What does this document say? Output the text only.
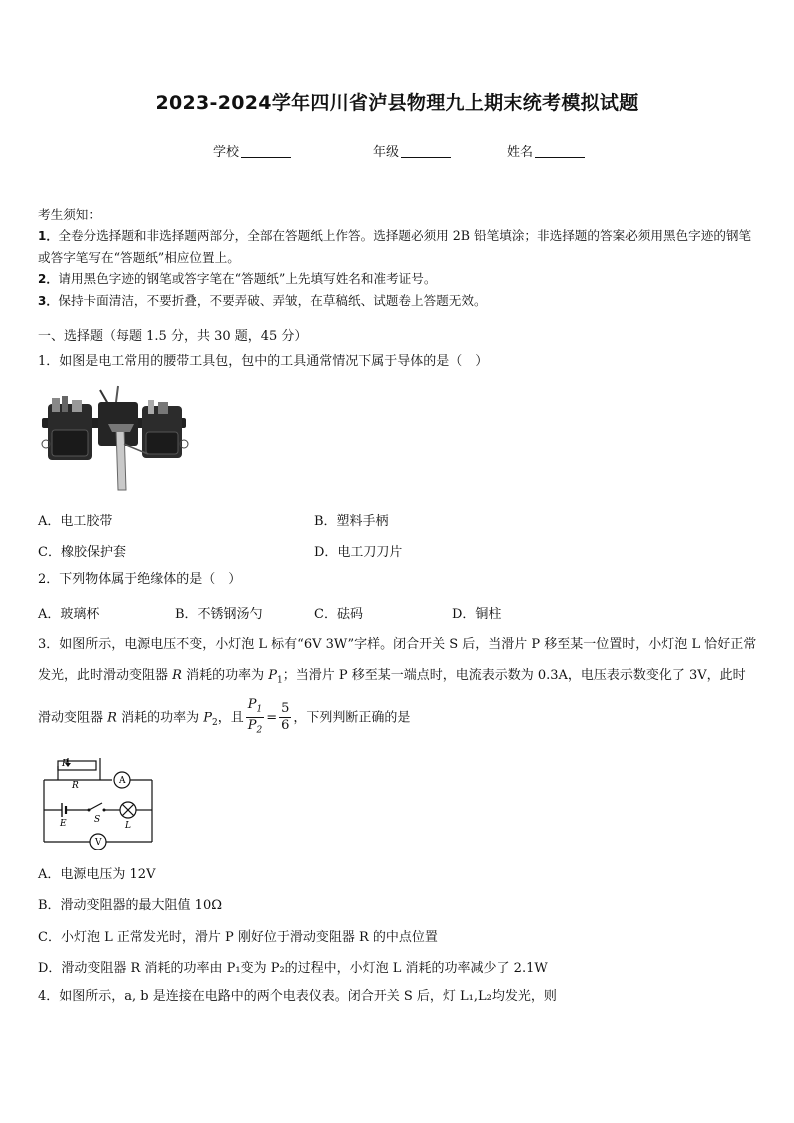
2023-2024学年四川省泸县物理九上期末统考模拟试题
学校	年级	姓名
考生须知：
1．全卷分选择题和非选择题两部分，全部在答题纸上作答。选择题必须用 2B 铅笔填涂；非选择题的答案必须用黑色字迹的钢笔或答字笔写在“答题纸”相应位置上。
2．请用黑色字迹的钢笔或答字笔在“答题纸”上先填写姓名和准考证号。
3．保持卡面清洁，不要折叠，不要弄破、弄皱，在草稿纸、试题卷上答题无效。
一、选择题（每题 1.5 分，共 30 题，45 分）
1．如图是电工常用的腰带工具包，包中的工具通常情况下属于导体的是（　）
A．电工胶带	B．塑料手柄
C．橡胶保护套	D．电工刀刀片
2．下列物体属于绝缘体的是（　）
A．玻璃杯	B．不锈钢汤勺	C．砝码	D．铜柱
3．如图所示，电源电压不变，小灯泡 L 标有“6V 3W”字样。闭合开关 S 后，当滑片 P 移至某一位置时，小灯泡 L 恰好正常发光，此时滑动变阻器 R 消耗的功率为 $P_1$；当滑片 P 移至某一端点时，电流表示数为 0.3A，电压表示数变化了 3V，此时滑动变阻器 R 消耗的功率为 $P_2$，且 $\frac{P_1}{P_2} = \frac{5}{6}$ ，下列判断正确的是
P
R	A
E	S
L
V
A．电源电压为 12V
B．滑动变阻器的最大阻值 10Ω
C．小灯泡 L 正常发光时，滑片 P 刚好位于滑动变阻器 R 的中点位置
D．滑动变阻器 R 消耗的功率由 P₁变为 P₂的过程中，小灯泡 L 消耗的功率减少了 2.1W
4．如图所示，a, b 是连接在电路中的两个电表仪表。闭合开关 S 后，灯 L₁,L₂均发光，则
